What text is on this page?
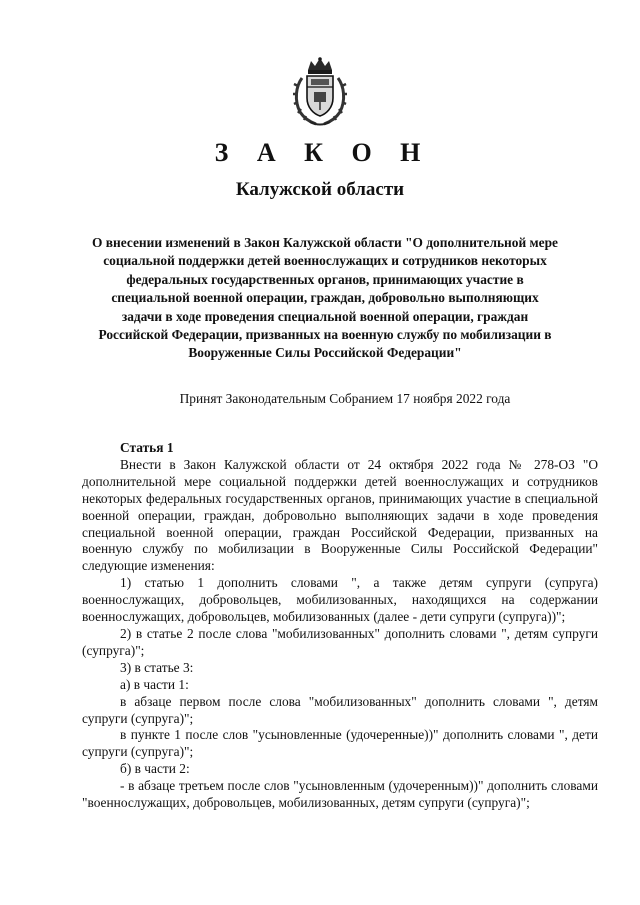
З А К О Н
Калужской области
О внесении изменений в Закон Калужской области "О дополнительной мере социальной поддержки детей военнослужащих и сотрудников некоторых федеральных государственных органов, принимающих участие в специальной военной операции, граждан, добровольно выполняющих задачи в ходе проведения специальной военной операции, граждан Российской Федерации, призванных на военную службу по мобилизации в Вооруженные Силы Российской Федерации"
Принят Законодательным Собранием 17 ноября 2022 года
Статья 1

Внести в Закон Калужской области от 24 октября 2022 года № 278-ОЗ "О дополнительной мере социальной поддержки детей военнослужащих и сотрудников некоторых федеральных государственных органов, принимающих участие в специальной военной операции, граждан, добровольно выполняющих задачи в ходе проведения специальной военной операции, граждан Российской Федерации, призванных на военную службу по мобилизации в Вооруженные Силы Российской Федерации" следующие изменения:

1) статью 1 дополнить словами ", а также детям супруги (супруга) военнослужащих, добровольцев, мобилизованных, находящихся на содержании военнослужащих, добровольцев, мобилизованных (далее - дети супруги (супруга))";

2) в статье 2 после слова "мобилизованных" дополнить словами ", детям супруги (супруга)";

3) в статье 3:

а) в части 1:

в абзаце первом после слова "мобилизованных" дополнить словами ", детям супруги (супруга)";

в пункте 1 после слов "усыновленные (удочеренные))" дополнить словами ", дети супруги (супруга)";

б) в части 2:

- в абзаце третьем после слов "усыновленным (удочеренным))" дополнить словами "военнослужащих, добровольцев, мобилизованных, детям супруги (супруга)";
